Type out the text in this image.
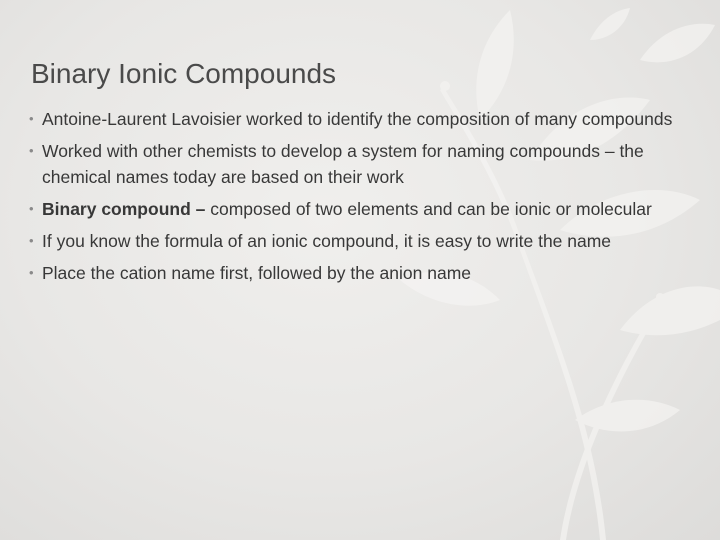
Binary Ionic Compounds
• Antoine-Laurent Lavoisier worked to identify the composition of many compounds
• Worked with other chemists to develop a system for naming compounds – the chemical names today are based on their work
• Binary compound – composed of two elements and can be ionic or molecular
• If you know the formula of an ionic compound, it is easy to write the name
• Place the cation name first, followed by the anion name
